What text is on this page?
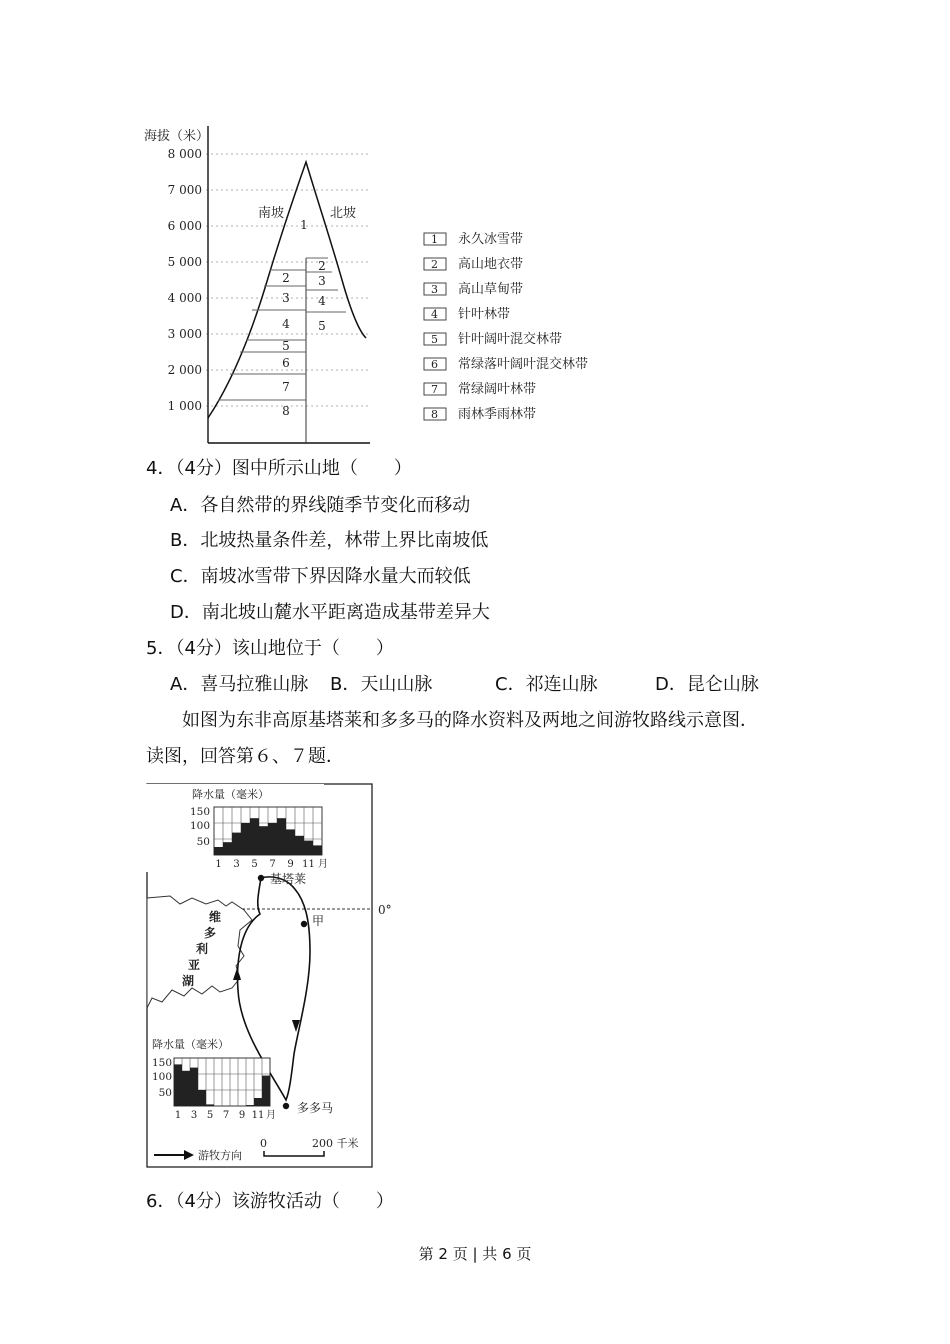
海拔（米）
8 000
7 000
6 000
5 000
4 000
3 000
2 000
1 000
南坡	北坡
1
2
3
4
5
6
7
8
2
3
4
5
1 永久冰雪带
2 高山地衣带
3 高山草甸带
4 针叶林带
5 针叶阔叶混交林带
6 常绿落叶阔叶混交林带
7 常绿阔叶林带
8 雨林季雨林带
4．（4分）图中所示山地（　　）
A．各自然带的界线随季节变化而移动
B．北坡热量条件差，林带上界比南坡低
C．南坡冰雪带下界因降水量大而较低
D．南北坡山麓水平距离造成基带差异大
5．（4分）该山地位于（　　）
A．喜马拉雅山脉 B．天山山脉	C．祁连山脉	D．昆仑山脉
如图为东非高原基塔莱和多多马的降水资料及两地之间游牧路线示意图．
读图，回答第６、７题．
0°
维
多
利
亚
湖
基塔莱
甲
多多马
降水量（毫米）
150
100
50
1 3 5 7 9 11 月
降水量（毫米）
150
100
50
1 3 5 7 9 11 月
游牧方向
0	200 千米
6．（4分）该游牧活动（　　）
第 2 页 | 共 6 页
